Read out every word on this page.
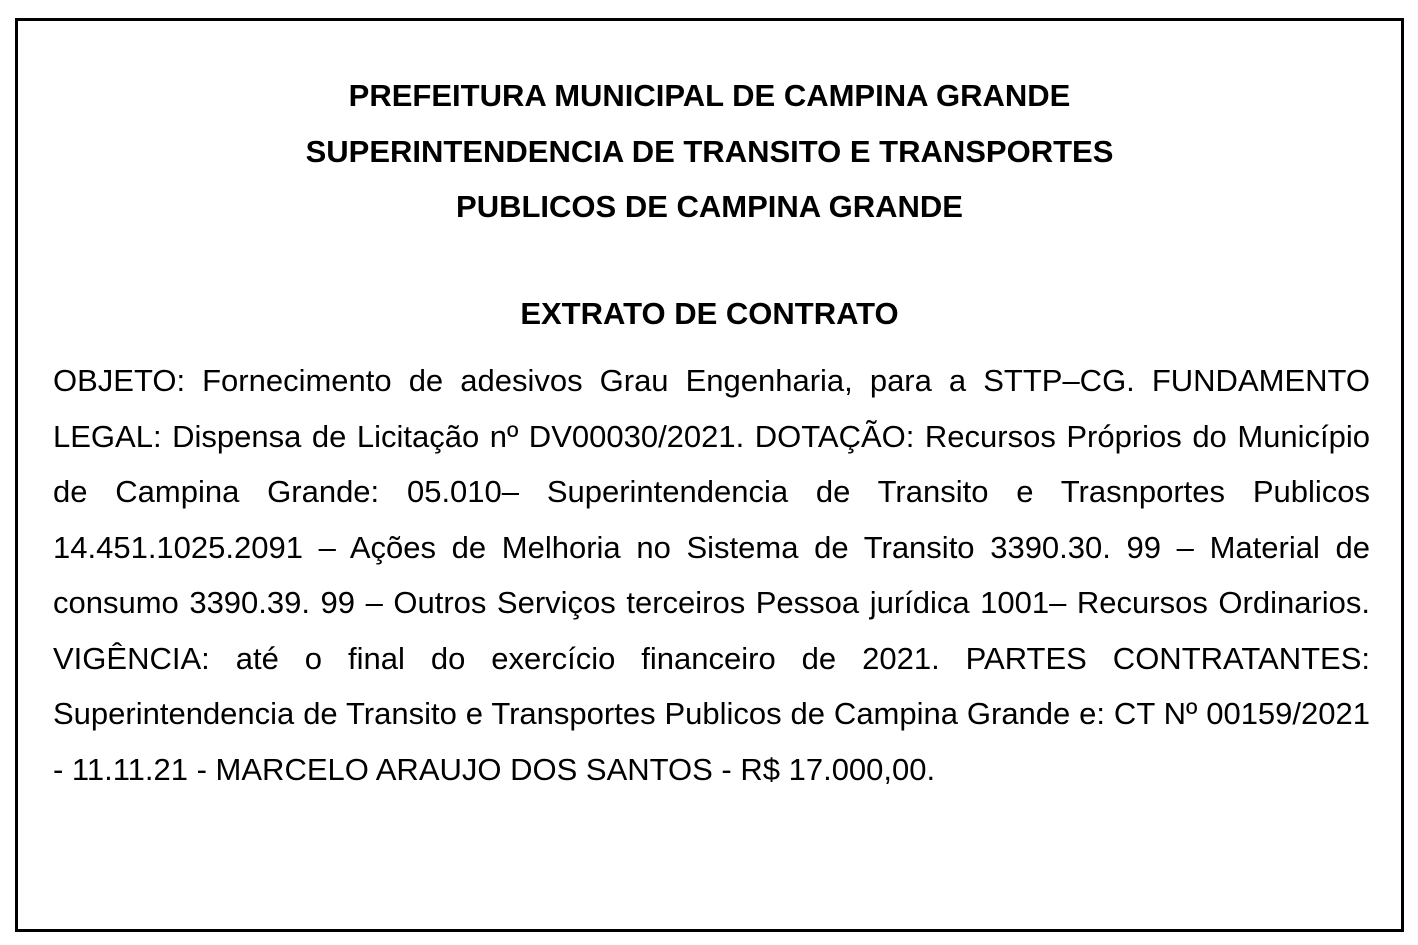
PREFEITURA MUNICIPAL DE CAMPINA GRANDE
SUPERINTENDENCIA DE TRANSITO E TRANSPORTES
PUBLICOS DE CAMPINA GRANDE
EXTRATO DE CONTRATO

OBJETO: Fornecimento de adesivos Grau Engenharia, para a STTP–CG. FUNDAMENTO LEGAL: Dispensa de Licitação nº DV00030/2021. DOTAÇÃO: Recursos Próprios do Município de Campina Grande: 05.010– Superintendencia de Transito e Trasnportes Publicos 14.451.1025.2091 – Ações de Melhoria no Sistema de Transito 3390.30. 99 – Material de consumo 3390.39. 99 – Outros Serviços terceiros Pessoa jurídica 1001– Recursos Ordinarios. VIGÊNCIA: até o final do exercício financeiro de 2021. PARTES CONTRATANTES: Superintendencia de Transito e Transportes Publicos de Campina Grande e: CT Nº 00159/2021 - 11.11.21 - MARCELO ARAUJO DOS SANTOS - R$ 17.000,00.
